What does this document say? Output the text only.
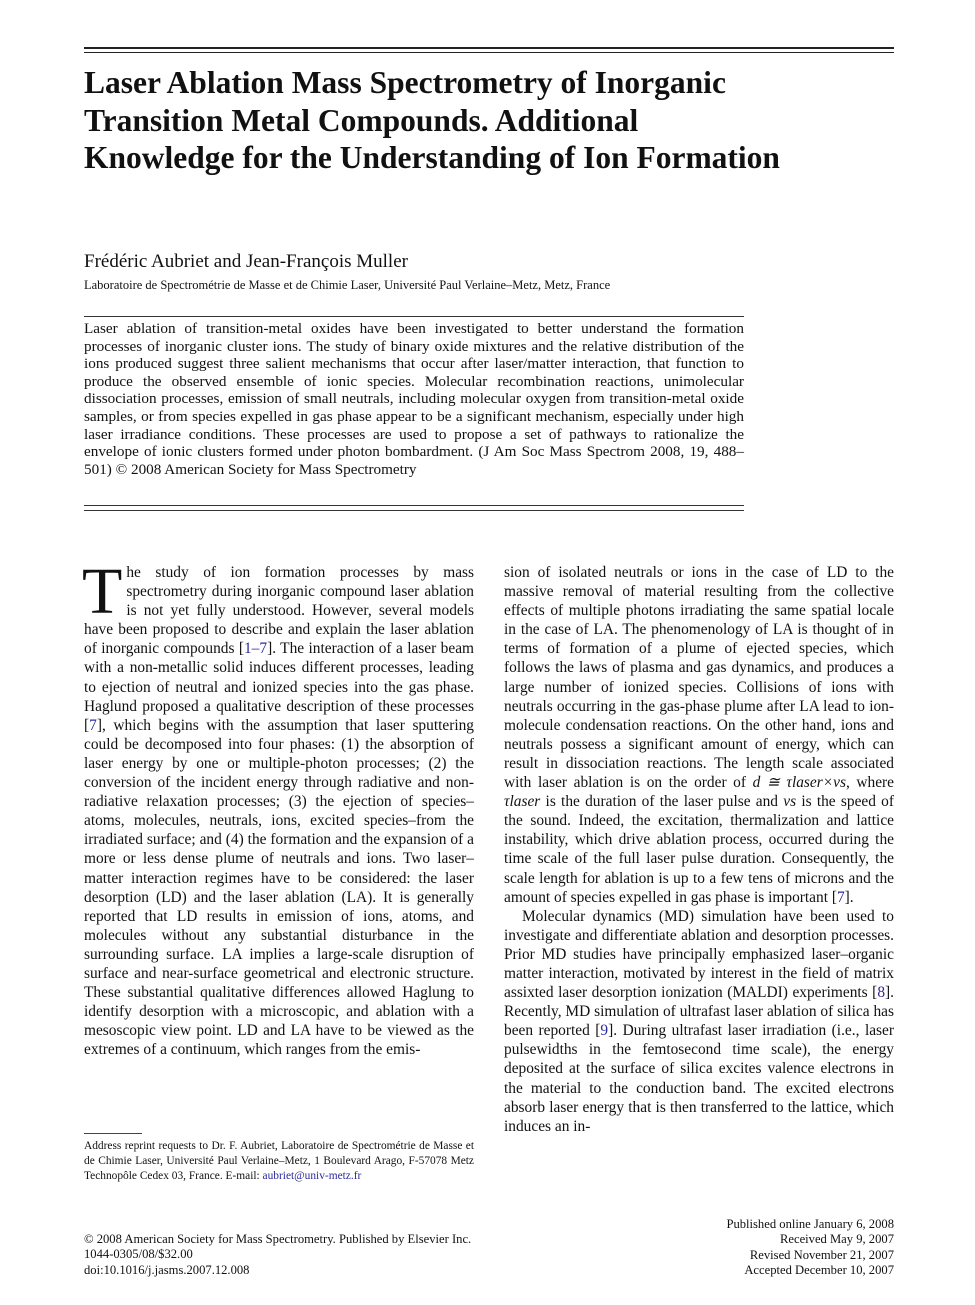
Laser Ablation Mass Spectrometry of Inorganic Transition Metal Compounds. Additional Knowledge for the Understanding of Ion Formation

Frédéric Aubriet and Jean-François Muller

Laboratoire de Spectrométrie de Masse et de Chimie Laser, Université Paul Verlaine–Metz, Metz, France

Laser ablation of transition-metal oxides have been investigated to better understand the formation processes of inorganic cluster ions. The study of binary oxide mixtures and the relative distribution of the ions produced suggest three salient mechanisms that occur after laser/matter interaction, that function to produce the observed ensemble of ionic species. Molecular recombination reactions, unimolecular dissociation processes, emission of small neutrals, including molecular oxygen from transition-metal oxide samples, or from species expelled in gas phase appear to be a significant mechanism, especially under high laser irradiance conditions. These processes are used to propose a set of pathways to rationalize the envelope of ionic clusters formed under photon bombardment. (J Am Soc Mass Spectrom 2008, 19, 488–501) © 2008 American Society for Mass Spectrometry

The study of ion formation processes by mass spectrometry during inorganic compound laser ablation is not yet fully understood. However, several models have been proposed to describe and explain the laser ablation of inorganic compounds [1–7]. The interaction of a laser beam with a non-metallic solid induces different processes, leading to ejection of neutral and ionized species into the gas phase. Haglund proposed a qualitative description of these processes [7], which begins with the assumption that laser sputtering could be decomposed into four phases: (1) the absorption of laser energy by one or multiple-photon processes; (2) the conversion of the incident energy through radiative and non-radiative relaxation processes; (3) the ejection of species–atoms, molecules, neutrals, ions, excited species–from the irradiated surface; and (4) the formation and the expansion of a more or less dense plume of neutrals and ions. Two laser–matter interaction regimes have to be considered: the laser desorption (LD) and the laser ablation (LA). It is generally reported that LD results in emission of ions, atoms, and molecules without any substantial disturbance in the surrounding surface. LA implies a large-scale disruption of surface and near-surface geometrical and electronic structure. These substantial qualitative differences allowed Haglung to identify desorption with a microscopic, and ablation with a mesoscopic view point. LD and LA have to be viewed as the extremes of a continuum, which ranges from the emis-

sion of isolated neutrals or ions in the case of LD to the massive removal of material resulting from the collective effects of multiple photons irradiating the same spatial locale in the case of LA. The phenomenology of LA is thought of in terms of formation of a plume of ejected species, which follows the laws of plasma and gas dynamics, and produces a large number of ionized species. Collisions of ions with neutrals occurring in the gas-phase plume after LA lead to ion-molecule condensation reactions. On the other hand, ions and neutrals possess a significant amount of energy, which can result in dissociation reactions. The length scale associated with laser ablation is on the order of d ≅ τlaser×vs, where τlaser is the duration of the laser pulse and vs is the speed of the sound. Indeed, the excitation, thermalization and lattice instability, which drive ablation process, occurred during the time scale of the full laser pulse duration. Consequently, the scale length for ablation is up to a few tens of microns and the amount of species expelled in gas phase is important [7].

Molecular dynamics (MD) simulation have been used to investigate and differentiate ablation and desorption processes. Prior MD studies have principally emphasized laser–organic matter interaction, motivated by interest in the field of matrix assixted laser desorption ionization (MALDI) experiments [8]. Recently, MD simulation of ultrafast laser ablation of silica has been reported [9]. During ultrafast laser irradiation (i.e., laser pulsewidths in the femtosecond time scale), the energy deposited at the surface of silica excites valence electrons in the material to the conduction band. The excited electrons absorb laser energy that is then transferred to the lattice, which induces an in-

Address reprint requests to Dr. F. Aubriet, Laboratoire de Spectrométrie de Masse et de Chimie Laser, Université Paul Verlaine–Metz, 1 Boulevard Arago, F-57078 Metz Technopôle Cedex 03, France. E-mail: aubriet@univ-metz.fr

© 2008 American Society for Mass Spectrometry. Published by Elsevier Inc.
1044-0305/08/$32.00
doi:10.1016/j.jasms.2007.12.008
Published online January 6, 2008
Received May 9, 2007
Revised November 21, 2007
Accepted December 10, 2007
